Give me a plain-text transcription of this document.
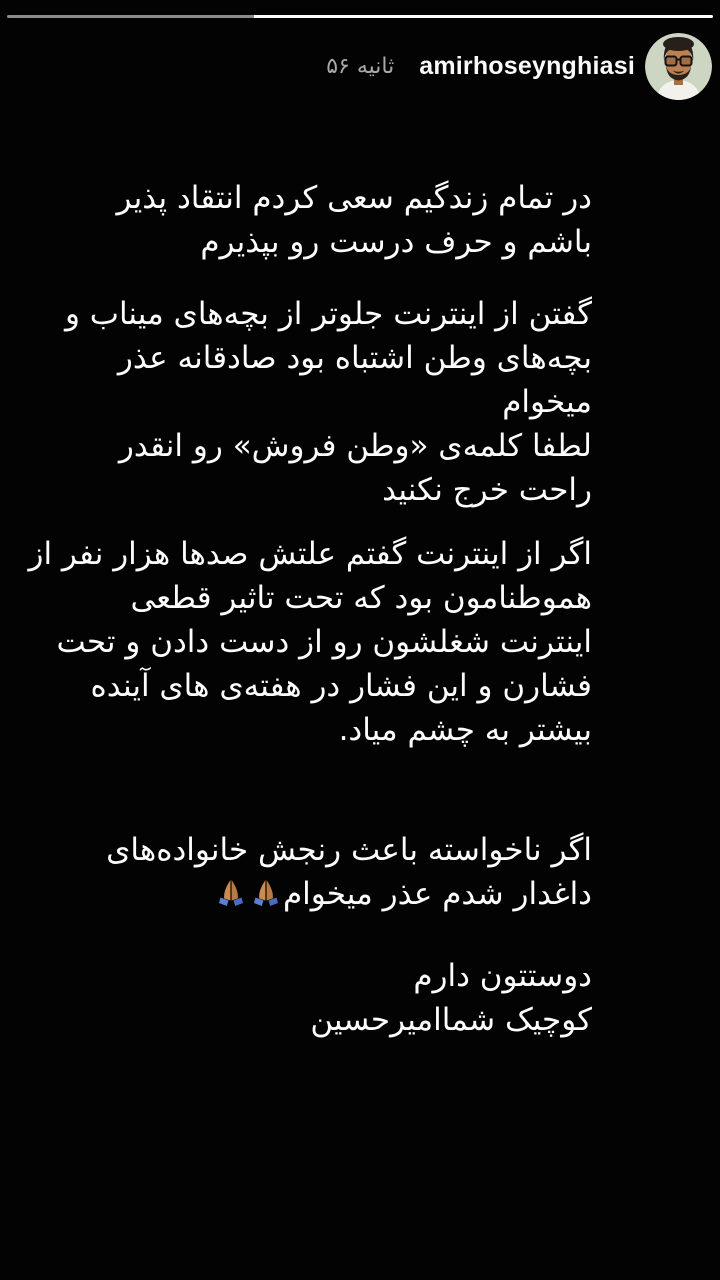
۵۶ ثانیه amirhoseynghiasi
در تمام زندگیم سعی کردم انتقاد پذیر
باشم و حرف درست رو بپذیرم
گفتن از اینترنت جلوتر از بچه‌های میناب و
بچه‌های وطن اشتباه بود صادقانه عذر
میخوام
لطفا کلمه‌ی «وطن فروش» رو انقدر
راحت خرج نکنید
اگر از اینترنت گفتم علتش صدها هزار نفر از
هموطنامون بود که تحت تاثیر قطعی
اینترنت شغلشون رو از دست دادن و تحت
فشارن و این فشار در هفته‌ی های آینده
بیشتر به چشم میاد.
اگر ناخواسته باعث رنجش خانواده‌های
داغدار شدم عذر میخوام
دوستتون دارم
کوچیک شماامیرحسین
